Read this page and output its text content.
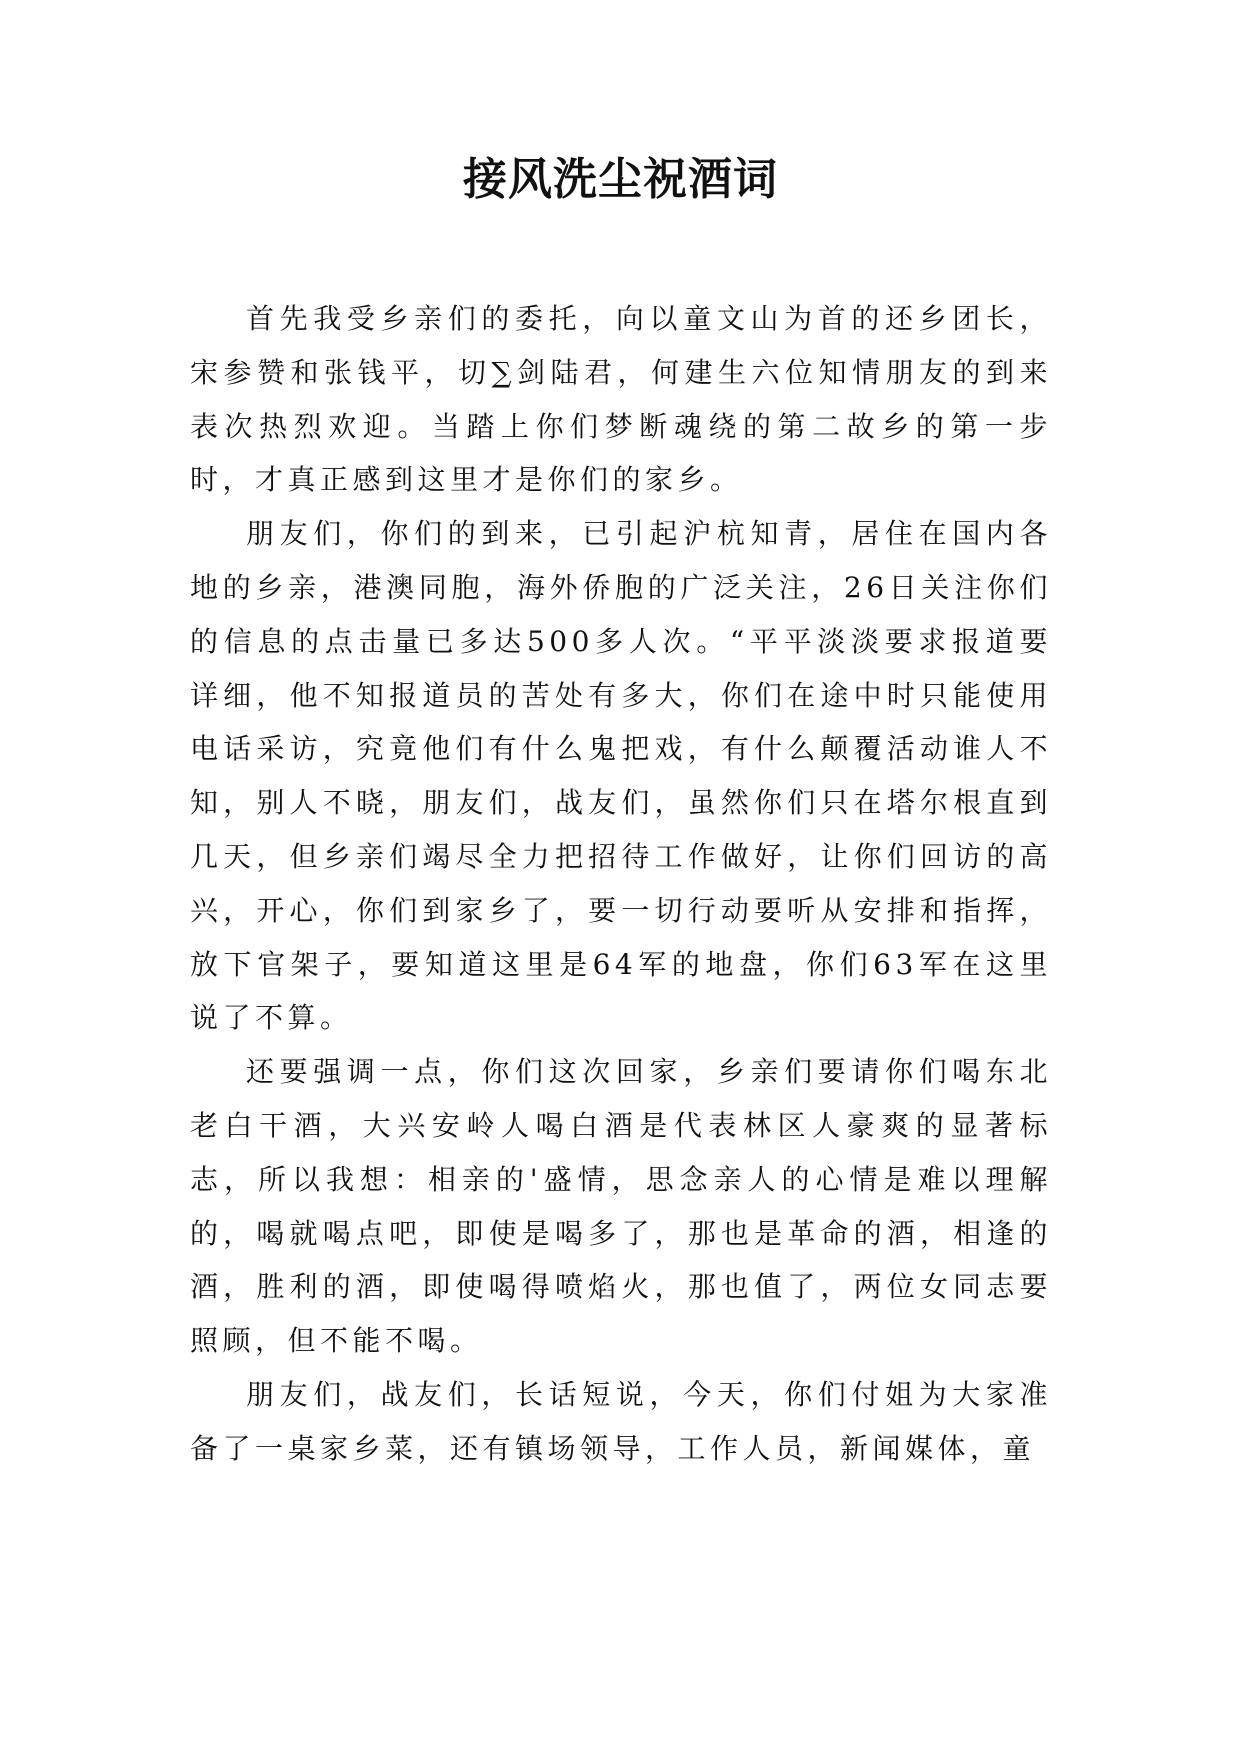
接风洗尘祝酒词

首先我受乡亲们的委托，向以童文山为首的还乡团长，宋参赞和张钱平，切∑剑陆君，何建生六位知情朋友的到来表次热烈欢迎。当踏上你们梦断魂绕的第二故乡的第一步时，才真正感到这里才是你们的家乡。

朋友们，你们的到来，已引起沪杭知青，居住在国内各地的乡亲，港澳同胞，海外侨胞的广泛关注，26日关注你们的信息的点击量已多达500多人次。“平平淡淡要求报道要详细，他不知报道员的苦处有多大，你们在途中时只能使用电话采访，究竟他们有什么鬼把戏，有什么颠覆活动谁人不知，别人不晓，朋友们，战友们，虽然你们只在塔尔根直到几天，但乡亲们竭尽全力把招待工作做好，让你们回访的高兴，开心，你们到家乡了，要一切行动要听从安排和指挥，放下官架子，要知道这里是64军的地盘，你们63军在这里说了不算。

还要强调一点，你们这次回家，乡亲们要请你们喝东北老白干酒，大兴安岭人喝白酒是代表林区人豪爽的显著标志，所以我想：相亲的'盛情，思念亲人的心情是难以理解的，喝就喝点吧，即使是喝多了，那也是革命的酒，相逢的酒，胜利的酒，即使喝得喷焰火，那也值了，两位女同志要照顾，但不能不喝。

朋友们，战友们，长话短说，今天，你们付姐为大家准备了一桌家乡菜，还有镇场领导，工作人员，新闻媒体，童
